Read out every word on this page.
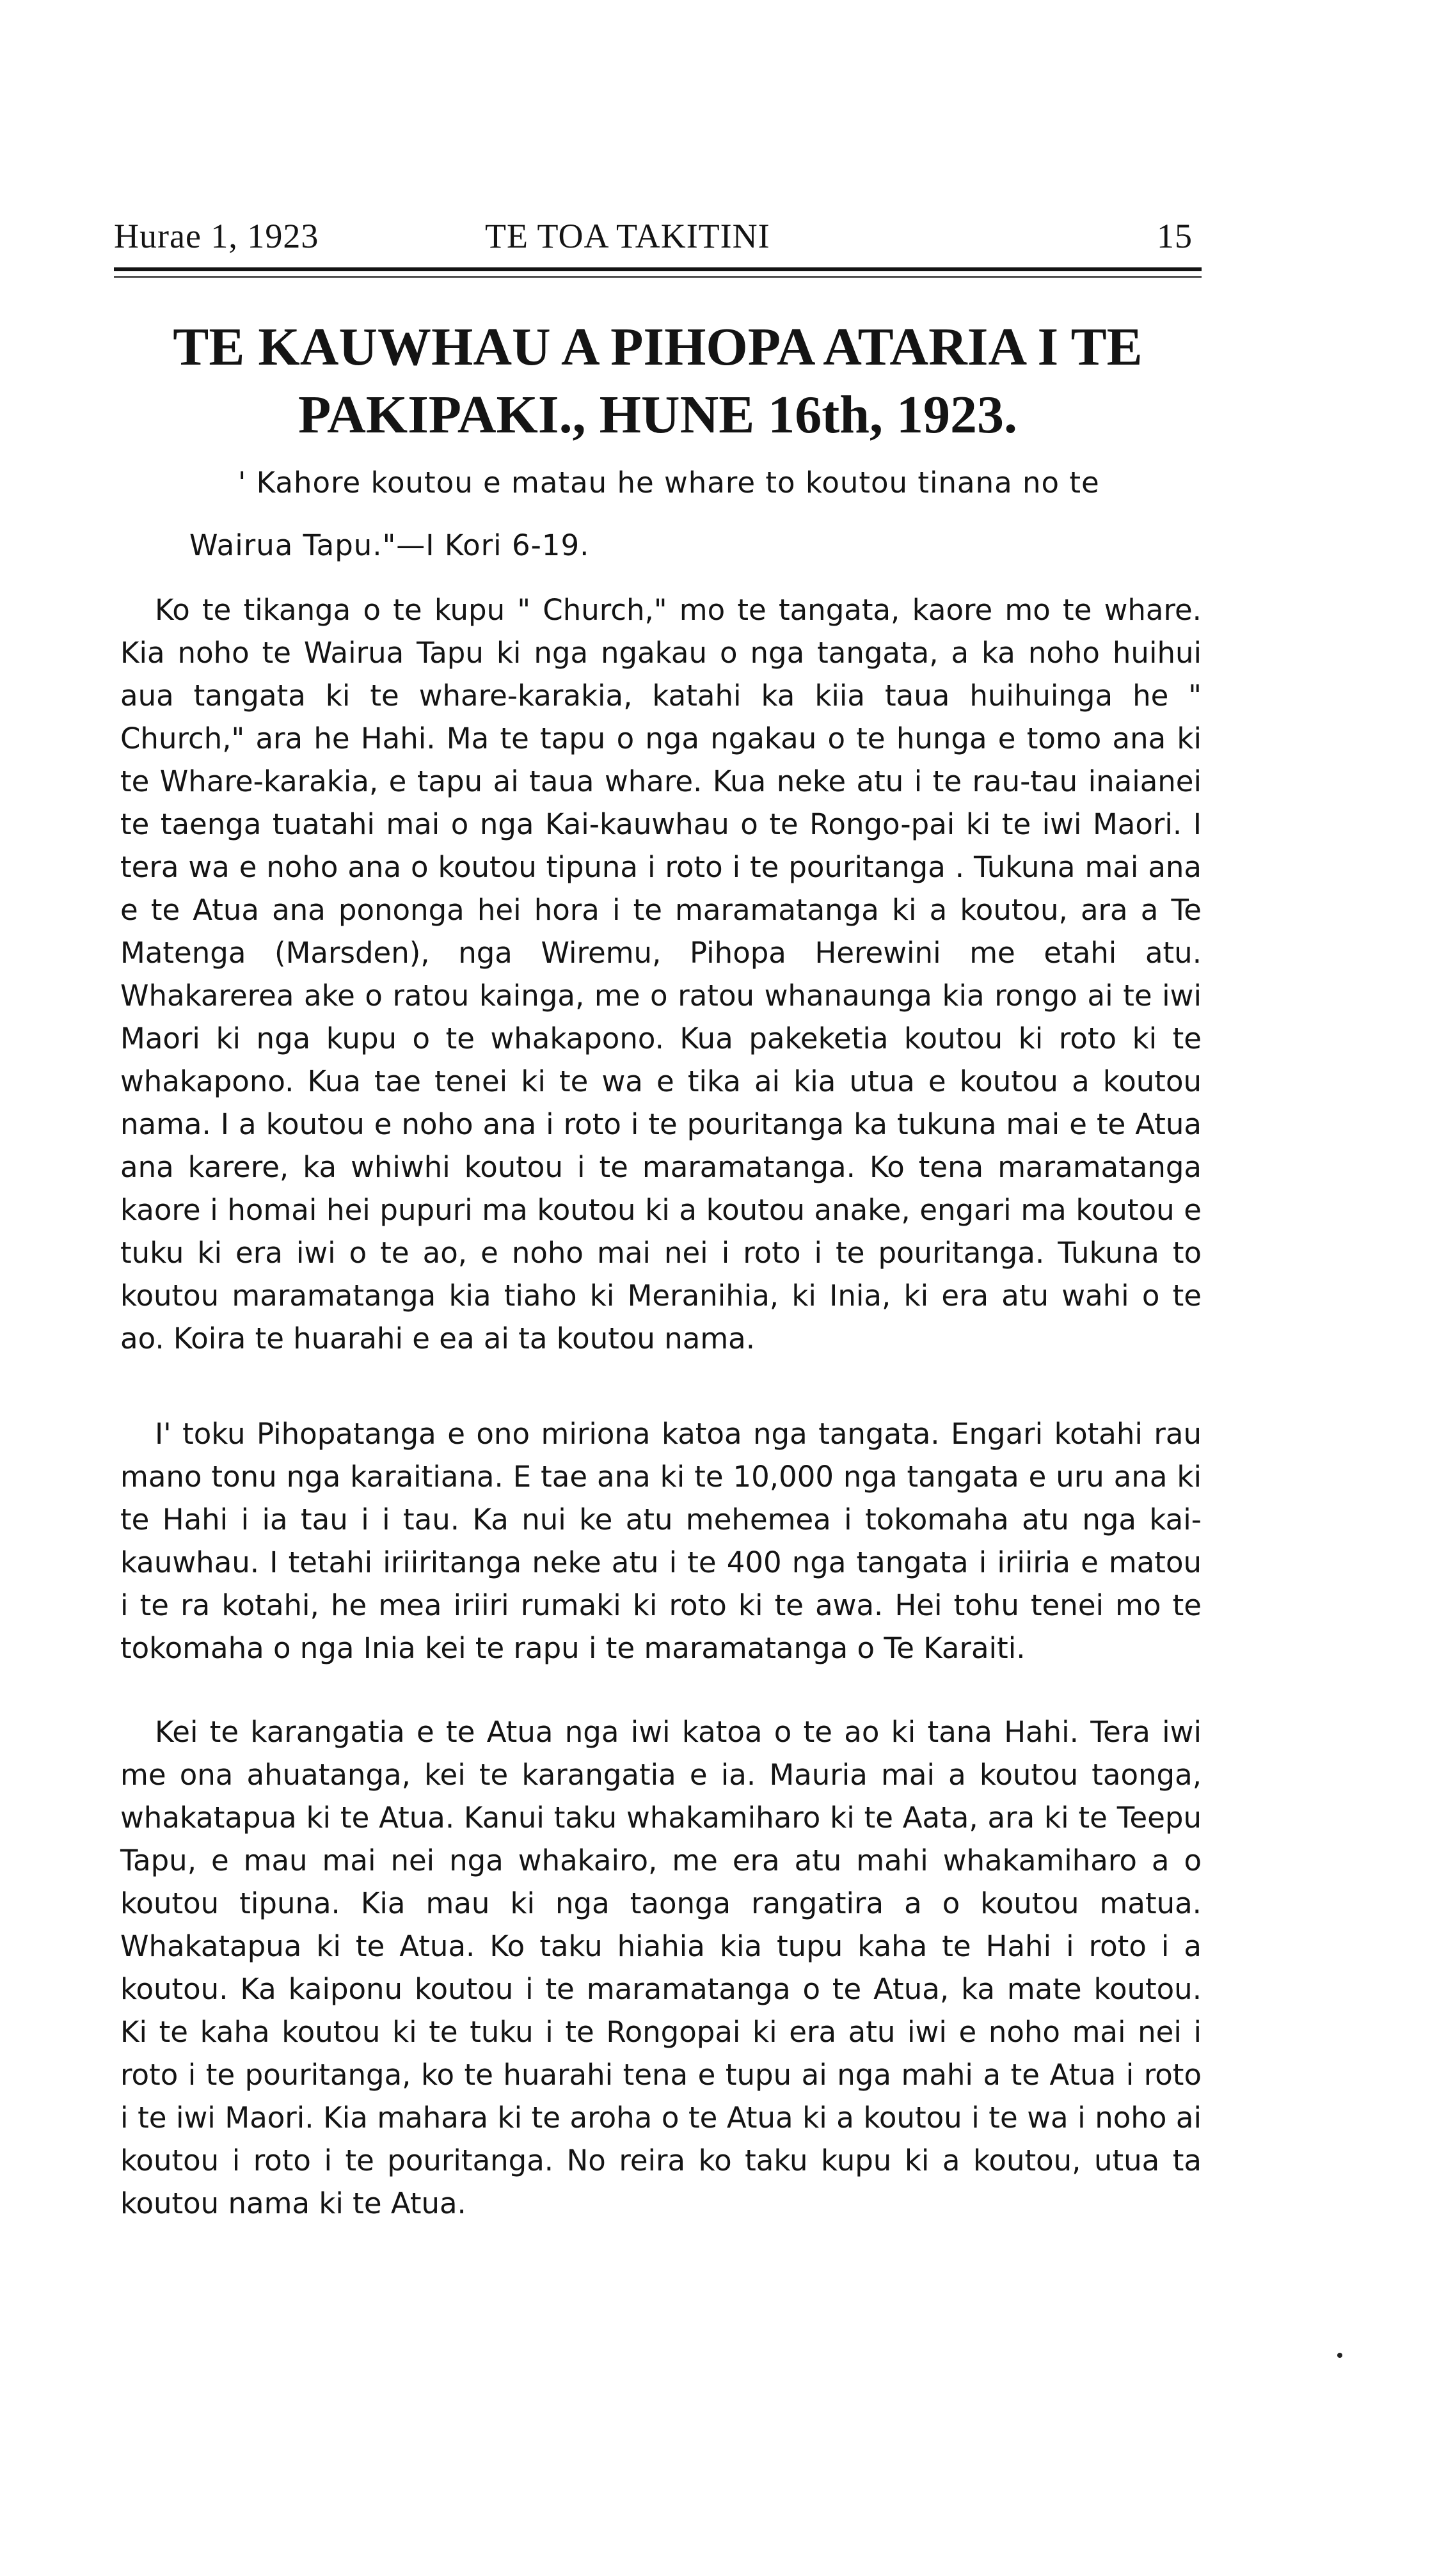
Hurae 1, 1923	TE TOA TAKITINI	15
TE KAUWHAU A PIHOPA ATARIA I TE
PAKIPAKI., HUNE 16th, 1923.
' Kahore koutou e matau he whare to koutou tinana no te
Wairua Tapu."—I Kori 6-19.

Ko te tikanga o te kupu " Church," mo te tangata, kaore mo te whare. Kia noho te Wairua Tapu ki nga ngakau o nga tangata, a ka noho huihui aua tangata ki te whare-karakia, katahi ka kiia taua huihuinga he " Church," ara he Hahi. Ma te tapu o nga ngakau o te hunga e tomo ana ki te Whare-karakia, e tapu ai taua whare. Kua neke atu i te rau-tau inaianei te taenga tuatahi mai o nga Kai-kauwhau o te Rongo-pai ki te iwi Maori. I tera wa e noho ana o koutou tipuna i roto i te pouritanga . Tukuna mai ana e te Atua ana pononga hei hora i te maramatanga ki a koutou, ara a Te Matenga (Marsden), nga Wiremu, Pihopa Herewini me etahi atu. Whakarerea ake o ratou kainga, me o ratou whanaunga kia rongo ai te iwi Maori ki nga kupu o te whakapono. Kua pakeketia koutou ki roto ki te whakapono. Kua tae tenei ki te wa e tika ai kia utua e koutou a koutou nama. I a koutou e noho ana i roto i te pouritanga ka tukuna mai e te Atua ana karere, ka whiwhi koutou i te maramatanga. Ko tena maramatanga kaore i homai hei pupuri ma koutou ki a koutou anake, engari ma koutou e tuku ki era iwi o te ao, e noho mai nei i roto i te pouritanga. Tukuna to koutou maramatanga kia tiaho ki Meranihia, ki Inia, ki era atu wahi o te ao. Koira te huarahi e ea ai ta koutou nama.

I' toku Pihopatanga e ono miriona katoa nga tangata. Engari kotahi rau mano tonu nga karaitiana. E tae ana ki te 10,000 nga tangata e uru ana ki te Hahi i ia tau i i tau. Ka nui ke atu mehemea i tokomaha atu nga kai-kauwhau. I tetahi iriiritanga neke atu i te 400 nga tangata i iriiria e matou i te ra kotahi, he mea iriiri rumaki ki roto ki te awa. Hei tohu tenei mo te tokomaha o nga Inia kei te rapu i te maramatanga o Te Karaiti.

Kei te karangatia e te Atua nga iwi katoa o te ao ki tana Hahi. Tera iwi me ona ahuatanga, kei te karangatia e ia. Mauria mai a koutou taonga, whakatapua ki te Atua. Kanui taku whakamiharo ki te Aata, ara ki te Teepu Tapu, e mau mai nei nga whakairo, me era atu mahi whakamiharo a o koutou tipuna. Kia mau ki nga taonga rangatira a o koutou matua. Whakatapua ki te Atua. Ko taku hiahia kia tupu kaha te Hahi i roto i a koutou. Ka kaiponu koutou i te maramatanga o te Atua, ka mate koutou. Ki te kaha koutou ki te tuku i te Rongopai ki era atu iwi e noho mai nei i roto i te pouritanga, ko te huarahi tena e tupu ai nga mahi a te Atua i roto i te iwi Maori. Kia mahara ki te aroha o te Atua ki a koutou i te wa i noho ai koutou i roto i te pouritanga. No reira ko taku kupu ki a koutou, utua ta koutou nama ki te Atua.
